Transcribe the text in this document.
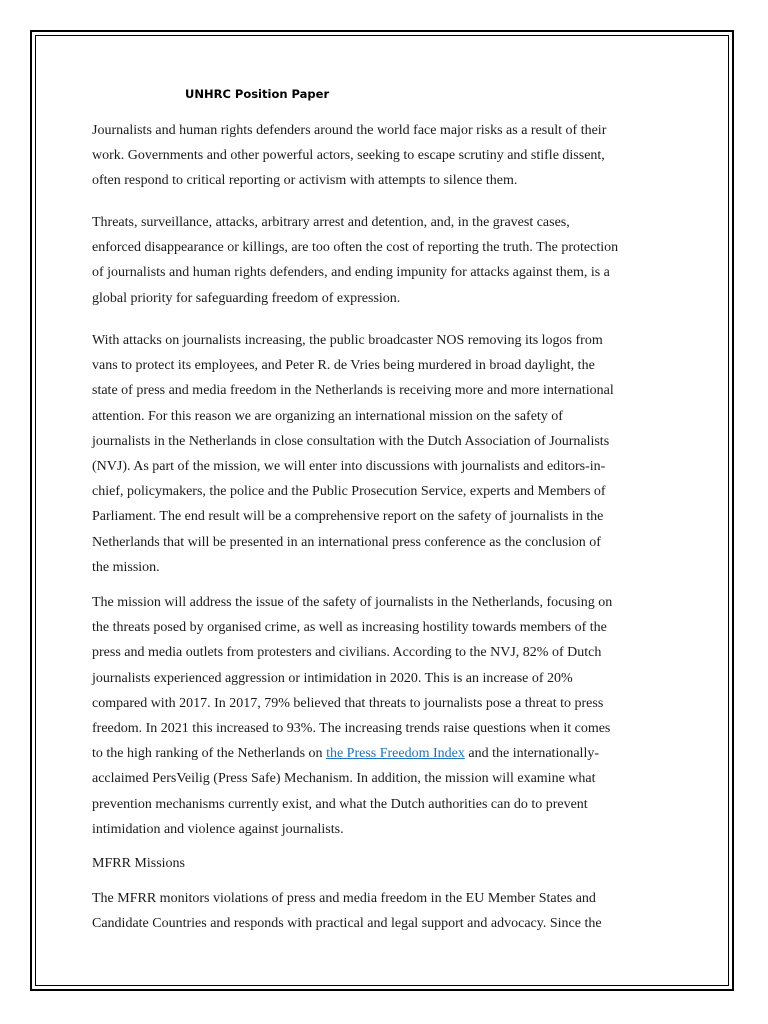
UNHRC Position Paper
Journalists and human rights defenders around the world face major risks as a result of their
work. Governments and other powerful actors, seeking to escape scrutiny and stifle dissent,
often respond to critical reporting or activism with attempts to silence them.
Threats, surveillance, attacks, arbitrary arrest and detention, and, in the gravest cases,
enforced disappearance or killings, are too often the cost of reporting the truth. The protection
of journalists and human rights defenders, and ending impunity for attacks against them, is a
global priority for safeguarding freedom of expression.
With attacks on journalists increasing, the public broadcaster NOS removing its logos from
vans to protect its employees, and Peter R. de Vries being murdered in broad daylight, the
state of press and media freedom in the Netherlands is receiving more and more international
attention. For this reason we are organizing an international mission on the safety of
journalists in the Netherlands in close consultation with the Dutch Association of Journalists
(NVJ). As part of the mission, we will enter into discussions with journalists and editors-in-
chief, policymakers, the police and the Public Prosecution Service, experts and Members of
Parliament. The end result will be a comprehensive report on the safety of journalists in the
Netherlands that will be presented in an international press conference as the conclusion of
the mission.
The mission will address the issue of the safety of journalists in the Netherlands, focusing on
the threats posed by organised crime, as well as increasing hostility towards members of the
press and media outlets from protesters and civilians. According to the NVJ, 82% of Dutch
journalists experienced aggression or intimidation in 2020. This is an increase of 20%
compared with 2017. In 2017, 79% believed that threats to journalists pose a threat to press
freedom. In 2021 this increased to 93%. The increasing trends raise questions when it comes
to the high ranking of the Netherlands on the Press Freedom Index and the internationally-
acclaimed PersVeilig (Press Safe) Mechanism. In addition, the mission will examine what
prevention mechanisms currently exist, and what the Dutch authorities can do to prevent
intimidation and violence against journalists.
MFRR Missions
The MFRR monitors violations of press and media freedom in the EU Member States and
Candidate Countries and responds with practical and legal support and advocacy. Since the
